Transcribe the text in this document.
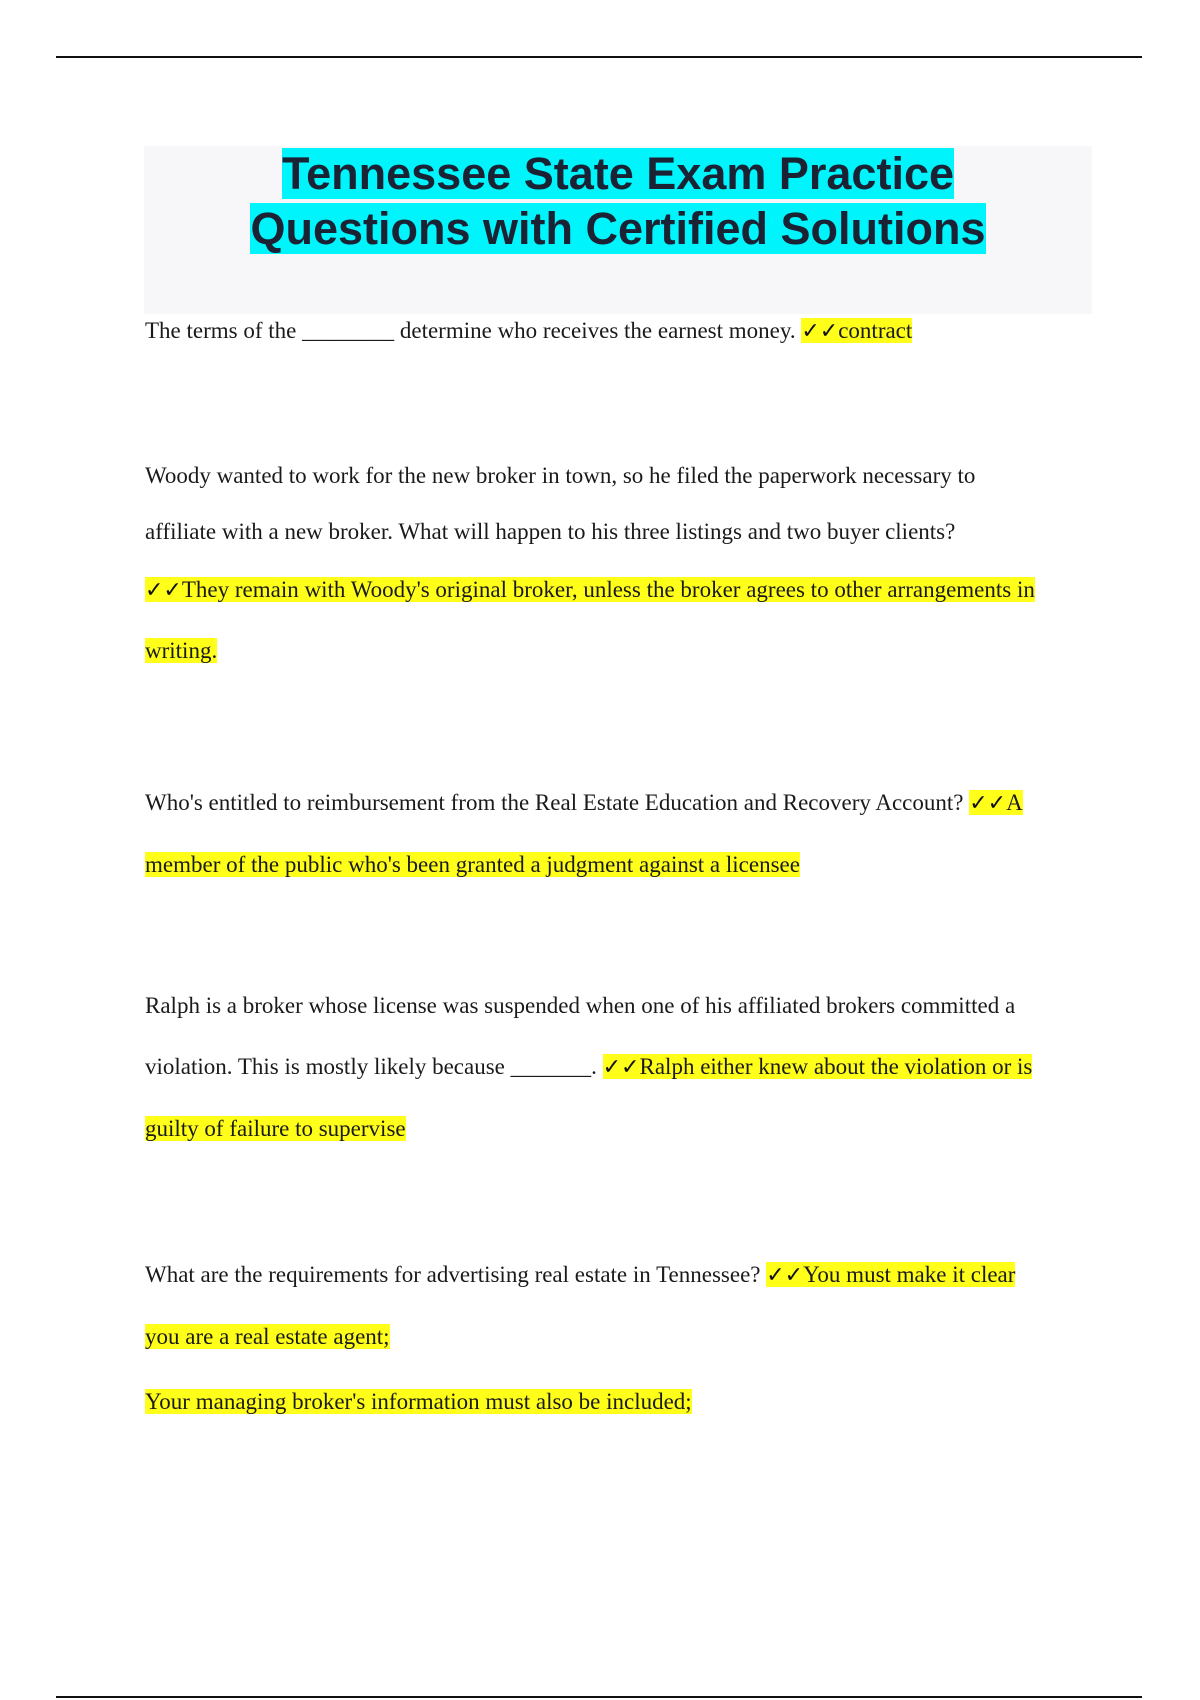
Tennessee State Exam Practice
Questions with Certified Solutions
The terms of the ________ determine who receives the earnest money. ✓✓contract
Woody wanted to work for the new broker in town, so he filed the paperwork necessary to
affiliate with a new broker. What will happen to his three listings and two buyer clients?
✓✓They remain with Woody's original broker, unless the broker agrees to other arrangements in
writing.
Who's entitled to reimbursement from the Real Estate Education and Recovery Account? ✓✓A
member of the public who's been granted a judgment against a licensee
Ralph is a broker whose license was suspended when one of his affiliated brokers committed a
violation. This is mostly likely because _______. ✓✓Ralph either knew about the violation or is
guilty of failure to supervise
What are the requirements for advertising real estate in Tennessee? ✓✓You must make it clear
you are a real estate agent;
Your managing broker's information must also be included;
